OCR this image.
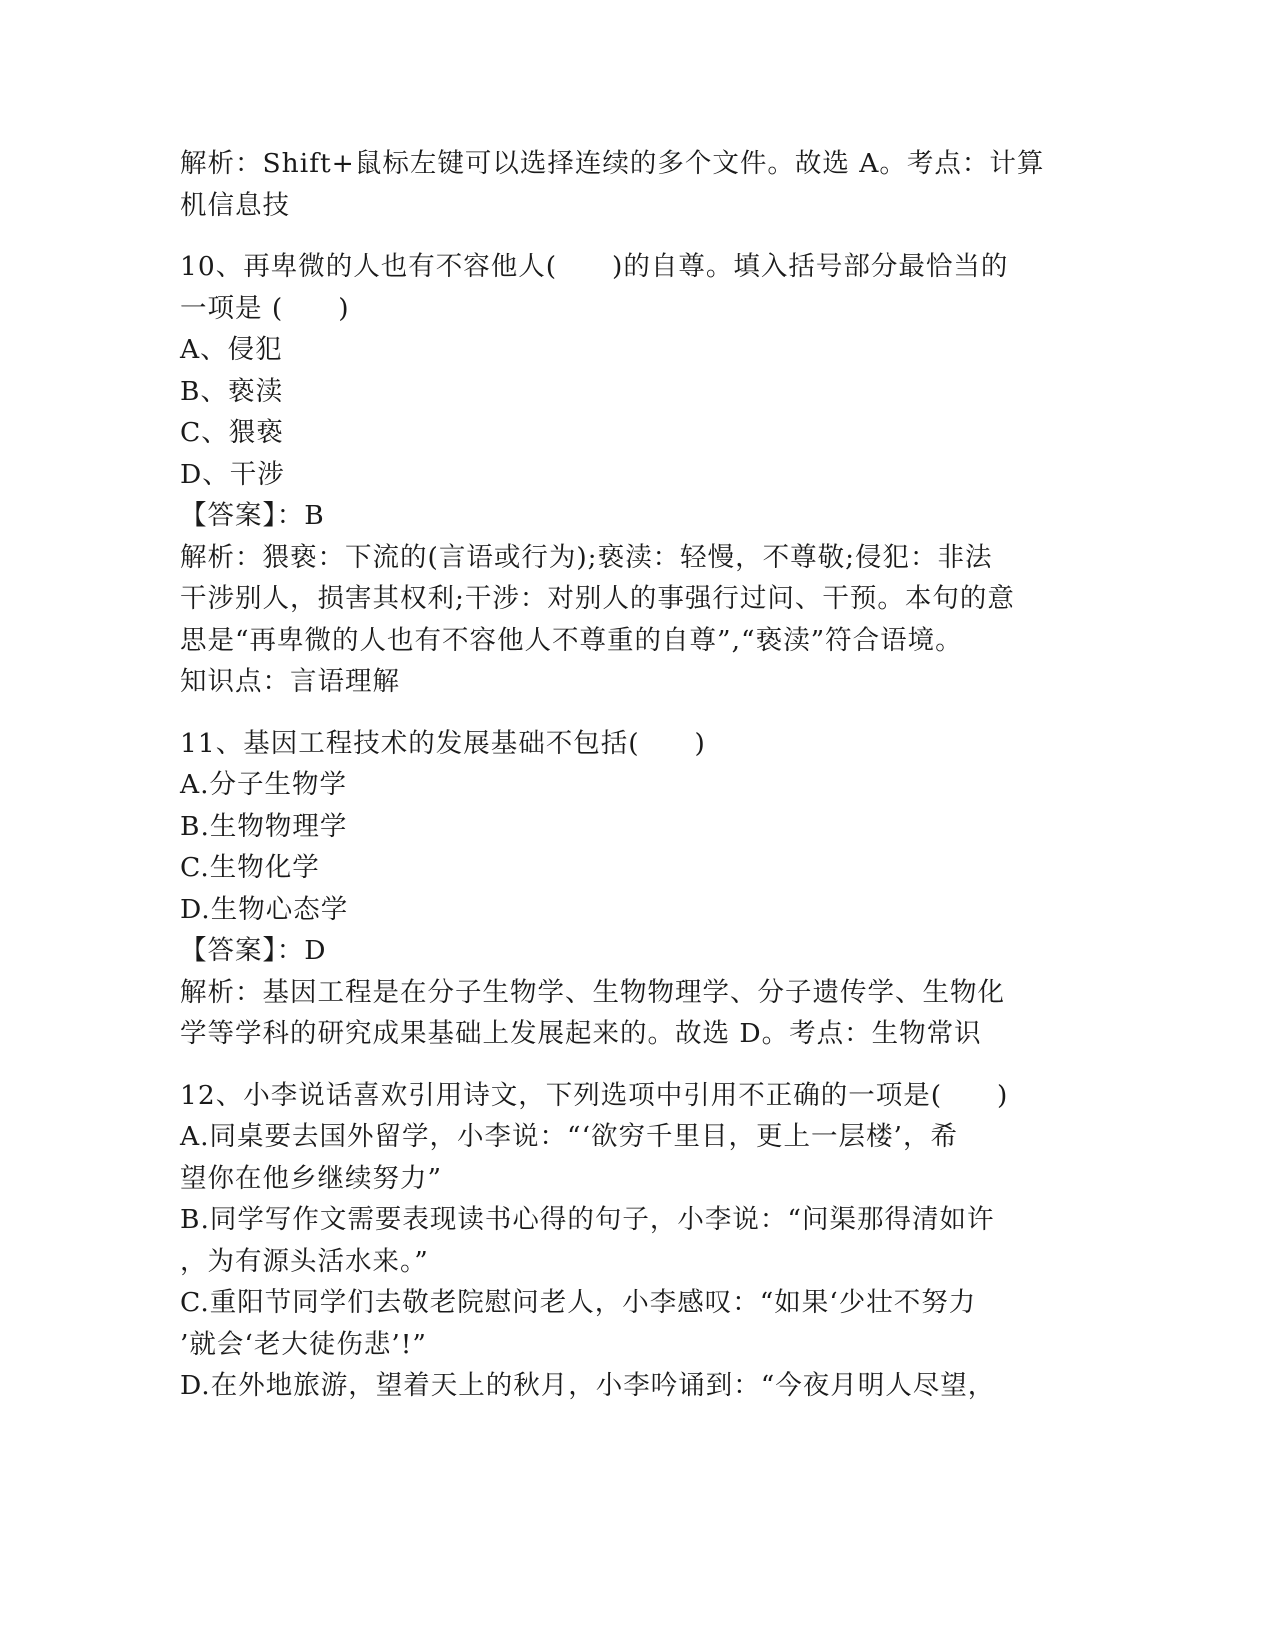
解析：Shift+鼠标左键可以选择连续的多个文件。故选 A。考点：计算
机信息技
10、再卑微的人也有不容他人(　　)的自尊。填入括号部分最恰当的
一项是 (　　)
A、侵犯
B、亵渎
C、猥亵
D、干涉
【答案】：B
解析：猥亵：下流的(言语或行为);亵渎：轻慢，不尊敬;侵犯：非法
干涉别人，损害其权利;干涉：对别人的事强行过问、干预。本句的意
思是“再卑微的人也有不容他人不尊重的自尊”,“亵渎”符合语境。
知识点：言语理解
11、基因工程技术的发展基础不包括(　　)
A.分子生物学
B.生物物理学
C.生物化学
D.生物心态学
【答案】：D
解析：基因工程是在分子生物学、生物物理学、分子遗传学、生物化
学等学科的研究成果基础上发展起来的。故选 D。考点：生物常识
12、小李说话喜欢引用诗文，下列选项中引用不正确的一项是(　　)
A.同桌要去国外留学，小李说：“‘欲穷千里目，更上一层楼’，希
望你在他乡继续努力”
B.同学写作文需要表现读书心得的句子，小李说：“问渠那得清如许
，为有源头活水来。”
C.重阳节同学们去敬老院慰问老人，小李感叹：“如果‘少壮不努力
’就会‘老大徒伤悲’!”
D.在外地旅游，望着天上的秋月，小李吟诵到：“今夜月明人尽望，
